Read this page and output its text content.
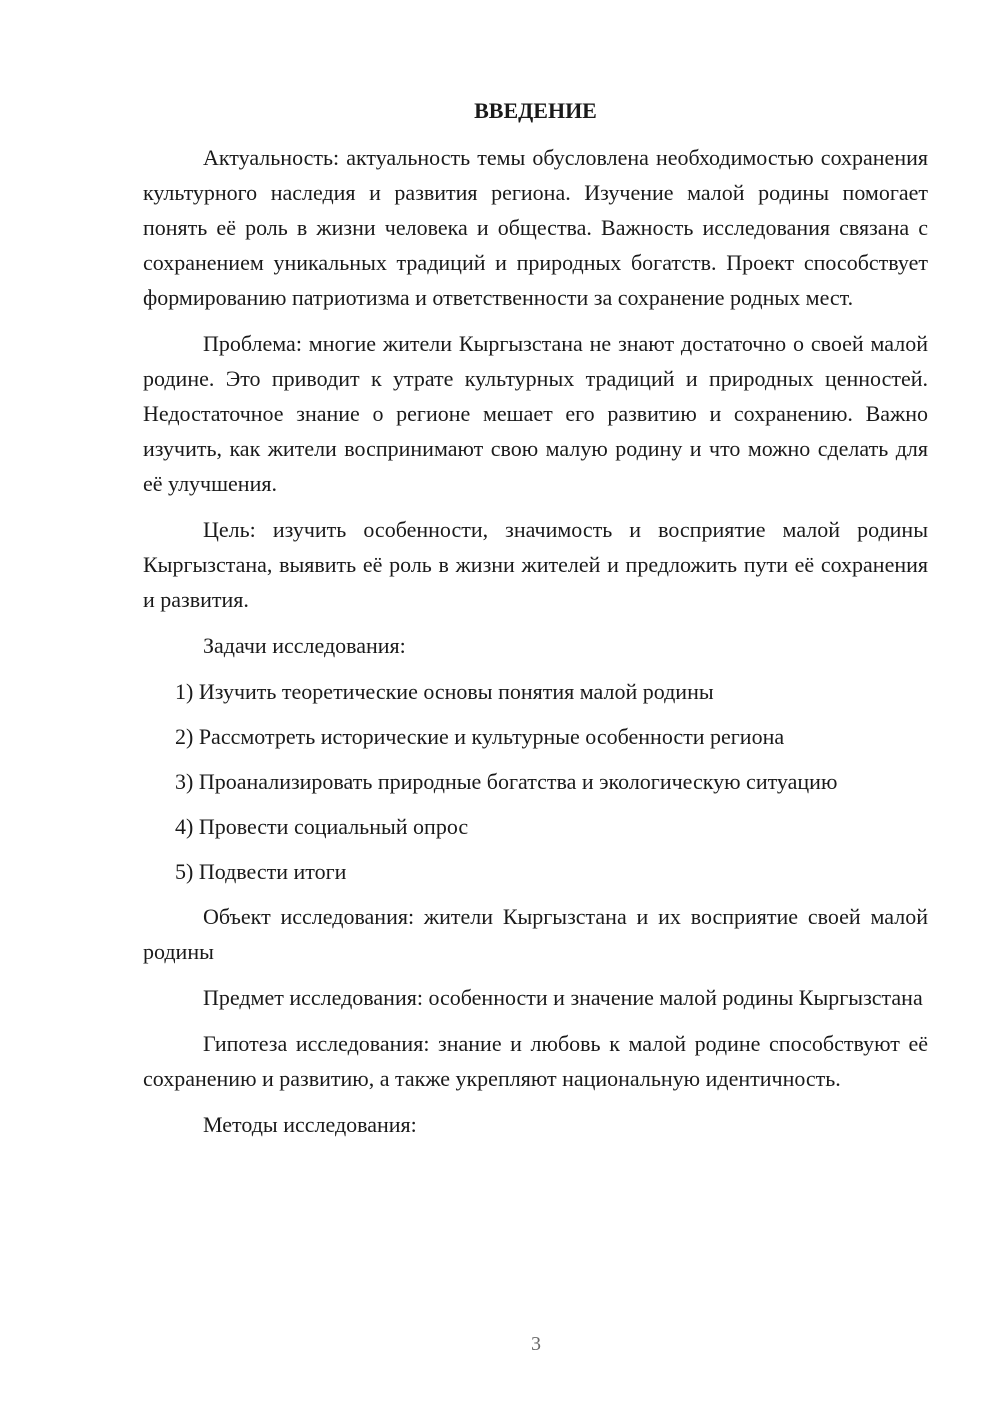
ВВЕДЕНИЕ

Актуальность: актуальность темы обусловлена необходимостью сохранения культурного наследия и развития региона. Изучение малой родины помогает понять её роль в жизни человека и общества. Важность исследования связана с сохранением уникальных традиций и природных богатств. Проект способствует формированию патриотизма и ответственности за сохранение родных мест.

Проблема: многие жители Кыргызстана не знают достаточно о своей малой родине. Это приводит к утрате культурных традиций и природных ценностей. Недостаточное знание о регионе мешает его развитию и сохранению. Важно изучить, как жители воспринимают свою малую родину и что можно сделать для её улучшения.

Цель: изучить особенности, значимость и восприятие малой родины Кыргызстана, выявить её роль в жизни жителей и предложить пути её сохранения и развития.

Задачи исследования:

1) Изучить теоретические основы понятия малой родины

2) Рассмотреть исторические и культурные особенности региона

3) Проанализировать природные богатства и экологическую ситуацию

4) Провести социальный опрос

5) Подвести итоги

Объект исследования: жители Кыргызстана и их восприятие своей малой родины

Предмет исследования: особенности и значение малой родины Кыргызстана

Гипотеза исследования: знание и любовь к малой родине способствуют её сохранению и развитию, а также укрепляют национальную идентичность.

Методы исследования:

3
